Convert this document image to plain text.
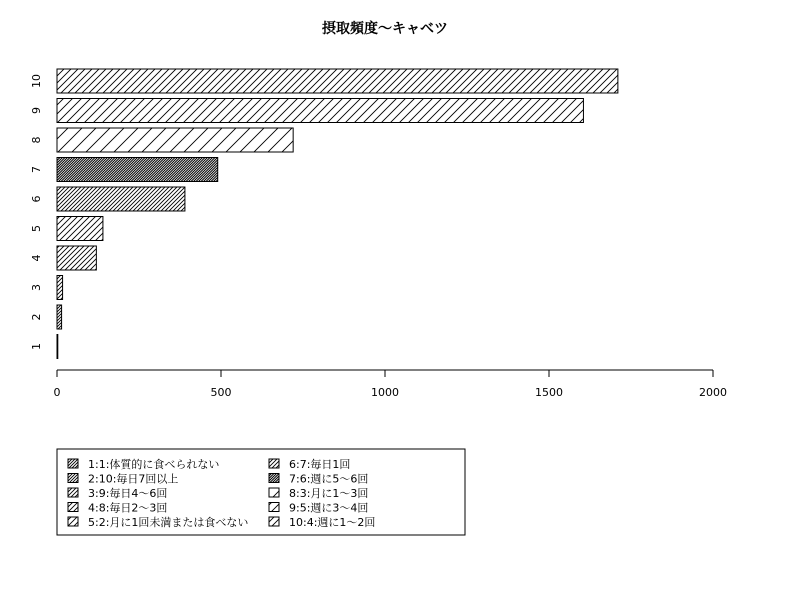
摂取頻度〜キャベツ
1
2
3
4
5
6
7
8
9
10
0	500	1000	1500	2000
1:1:体質的に食べられない
2:10:毎日7回以上
3:9:毎日4〜6回
4:8:毎日2〜3回
5:2:月に1回未満または食べない
6:7:毎日1回
7:6:週に5〜6回
8:3:月に1〜3回
9:5:週に3〜4回
10:4:週に1〜2回
